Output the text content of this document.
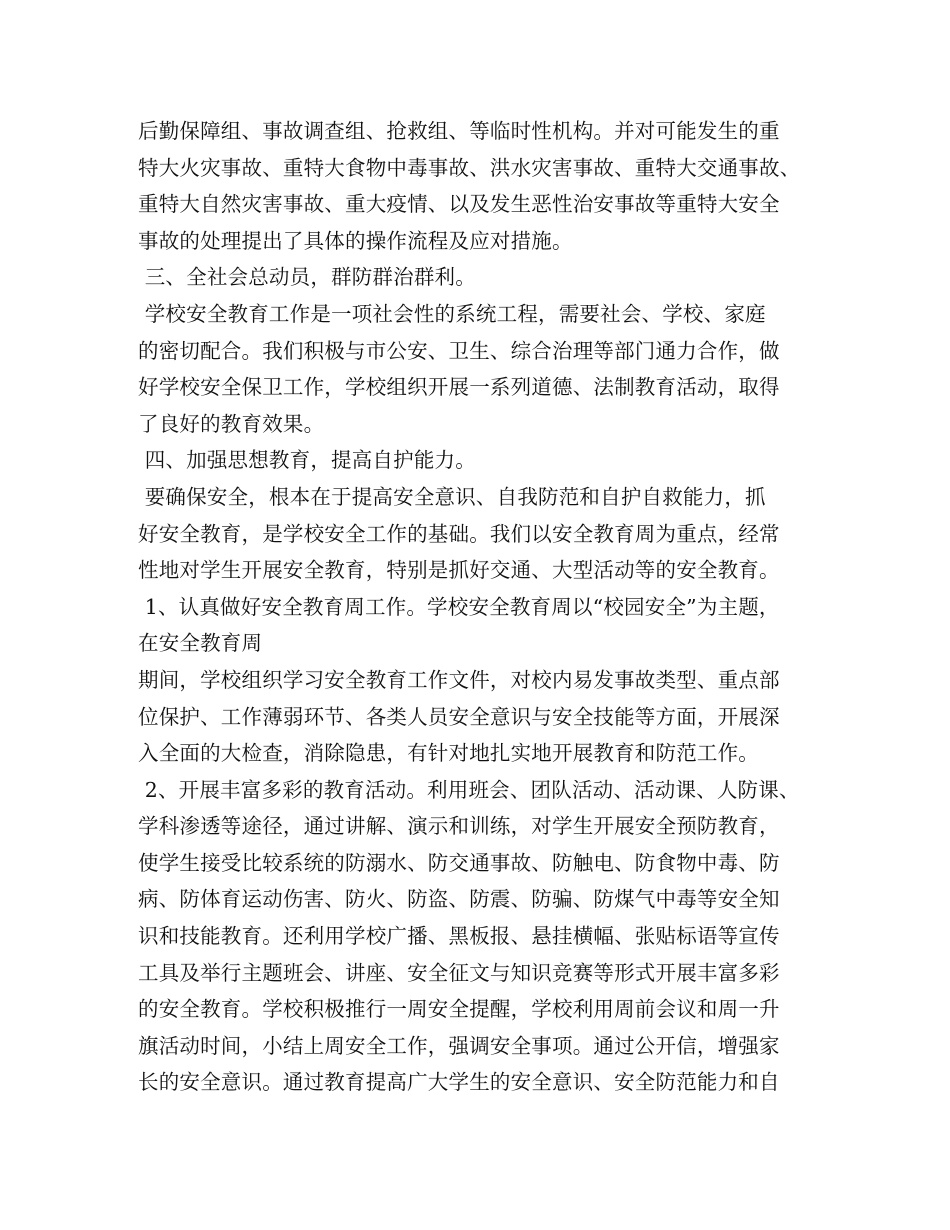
后勤保障组、事故调查组、抢救组、等临时性机构。并对可能发生的重
特大火灾事故、重特大食物中毒事故、洪水灾害事故、重特大交通事故、
重特大自然灾害事故、重大疫情、以及发生恶性治安事故等重特大安全
事故的处理提出了具体的操作流程及应对措施。
三、全社会总动员，群防群治群利。
学校安全教育工作是一项社会性的系统工程，需要社会、学校、家庭
的密切配合。我们积极与市公安、卫生、综合治理等部门通力合作，做
好学校安全保卫工作，学校组织开展一系列道德、法制教育活动，取得
了良好的教育效果。
四、加强思想教育，提高自护能力。
要确保安全，根本在于提高安全意识、自我防范和自护自救能力，抓
好安全教育，是学校安全工作的基础。我们以安全教育周为重点，经常
性地对学生开展安全教育，特别是抓好交通、大型活动等的安全教育。
1、认真做好安全教育周工作。学校安全教育周以“校园安全”为主题，
在安全教育周
期间，学校组织学习安全教育工作文件，对校内易发事故类型、重点部
位保护、工作薄弱环节、各类人员安全意识与安全技能等方面，开展深
入全面的大检查，消除隐患，有针对地扎实地开展教育和防范工作。
2、开展丰富多彩的教育活动。利用班会、团队活动、活动课、人防课、
学科渗透等途径，通过讲解、演示和训练，对学生开展安全预防教育，
使学生接受比较系统的防溺水、防交通事故、防触电、防食物中毒、防
病、防体育运动伤害、防火、防盗、防震、防骗、防煤气中毒等安全知
识和技能教育。还利用学校广播、黑板报、悬挂横幅、张贴标语等宣传
工具及举行主题班会、讲座、安全征文与知识竞赛等形式开展丰富多彩
的安全教育。学校积极推行一周安全提醒，学校利用周前会议和周一升
旗活动时间，小结上周安全工作，强调安全事项。通过公开信，增强家
长的安全意识。通过教育提高广大学生的安全意识、安全防范能力和自
